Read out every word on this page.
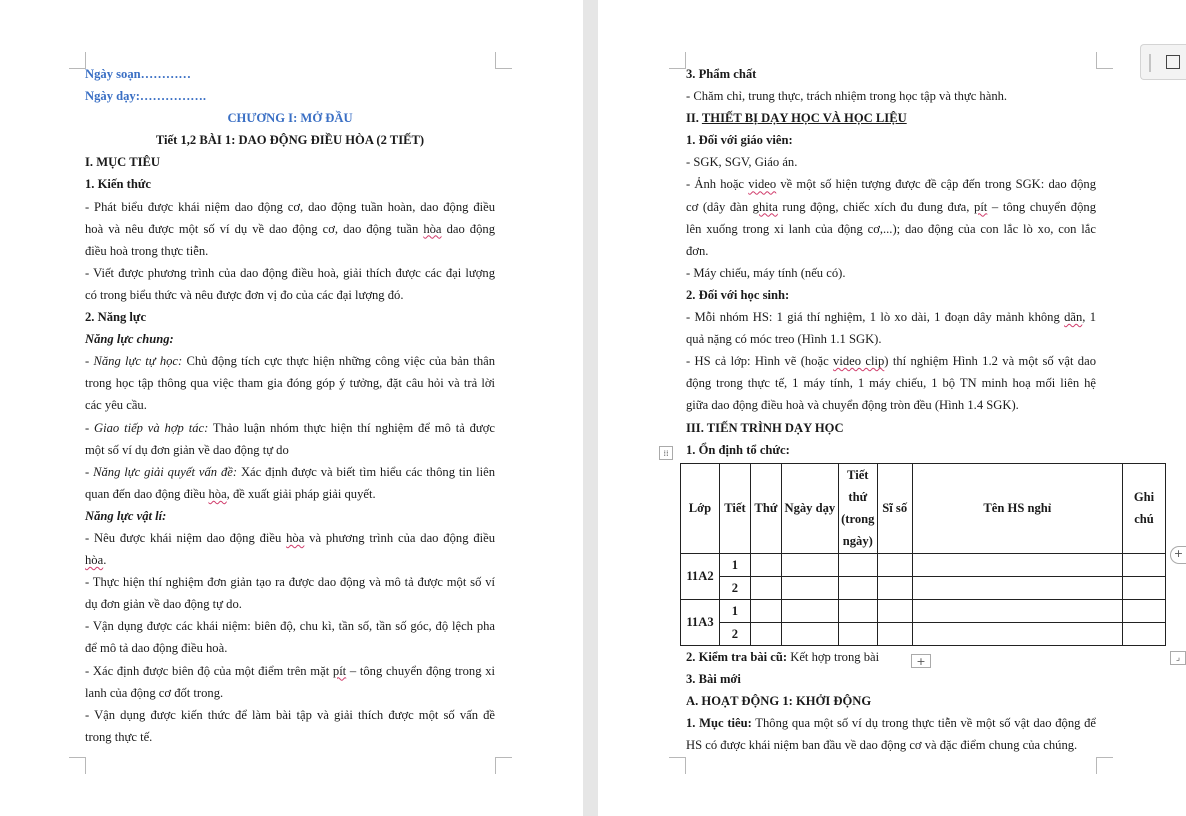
Ngày soạn…………
Ngày dạy:…………….
CHƯƠNG I: MỞ ĐẦU
Tiết 1,2 BÀI 1: DAO ĐỘNG ĐIỀU HÒA (2 TIẾT)
I. MỤC TIÊU
1. Kiến thức
- Phát biểu được khái niệm dao động cơ, dao động tuần hoàn, dao động điều
hoà và nêu được một số ví dụ về dao động cơ, dao động tuần hòa dao động
điều hoà trong thực tiễn.
- Viết được phương trình của dao động điều hoà, giải thích được các đại lượng
có trong biểu thức và nêu được đơn vị đo của các đại lượng đó.
2. Năng lực
Năng lực chung:
- Năng lực tự học: Chủ động tích cực thực hiện những công việc của bản thân
trong học tập thông qua việc tham gia đóng góp ý tưởng, đặt câu hỏi và trả lời
các yêu cầu.
- Giao tiếp và hợp tác: Thảo luận nhóm thực hiện thí nghiệm để mô tả được
một số ví dụ đơn giản về dao động tự do
- Năng lực giải quyết vấn đề: Xác định được và biết tìm hiểu các thông tin liên
quan đến dao động điều hòa, đề xuất giải pháp giải quyết.
Năng lực vật lí:
- Nêu được khái niệm dao động điều hòa và phương trình của dao động điều
hòa.
- Thực hiện thí nghiệm đơn giản tạo ra được dao động và mô tả được một số ví
dụ đơn giản về dao động tự do.
- Vận dụng được các khái niệm: biên độ, chu kì, tần số, tần số góc, độ lệch pha
để mô tả dao động điều hoà.
- Xác định được biên độ của một điểm trên mặt pít – tông chuyển động trong xi
lanh của động cơ đốt trong.
- Vận dụng được kiến thức để làm bài tập và giải thích được một số vấn đề
trong thực tế.
3. Phẩm chất
- Chăm chỉ, trung thực, trách nhiệm trong học tập và thực hành.
II. THIẾT BỊ DẠY HỌC VÀ HỌC LIỆU
1. Đối với giáo viên:
- SGK, SGV, Giáo án.
- Ảnh hoặc video về một số hiện tượng được đề cập đến trong SGK: dao động
cơ (dây đàn ghita rung động, chiếc xích đu đung đưa, pít – tông chuyển động
lên xuống trong xi lanh của động cơ,...); dao động của con lắc lò xo, con lắc
đơn.
- Máy chiếu, máy tính (nếu có).
2. Đối với học sinh:
- Mỗi nhóm HS: 1 giá thí nghiệm, 1 lò xo dài, 1 đoạn dây mảnh không dãn, 1
quả nặng có móc treo (Hình 1.1 SGK).
- HS cả lớp: Hình vẽ (hoặc video clip) thí nghiệm Hình 1.2 và một số vật dao
động trong thực tế, 1 máy tính, 1 máy chiếu, 1 bộ TN minh hoạ mối liên hệ
giữa dao động điều hoà và chuyển động tròn đều (Hình 1.4 SGK).
III. TIẾN TRÌNH DẠY HỌC
1. Ổn định tổ chức:
Lớp	Tiết	Thứ	Ngày dạy	Tiết thứ (trong ngày)	Sĩ số	Tên HS nghỉ	Ghi chú
11A2	1						
	2						
11A3	1						
	2						
2. Kiểm tra bài cũ: Kết hợp trong bài
3. Bài mới
A. HOẠT ĐỘNG 1: KHỞI ĐỘNG
1. Mục tiêu: Thông qua một số ví dụ trong thực tiễn về một số vật dao động để
HS có được khái niệm ban đầu về dao động cơ và đặc điểm chung của chúng.
⁞⁞
+
+
⌟
